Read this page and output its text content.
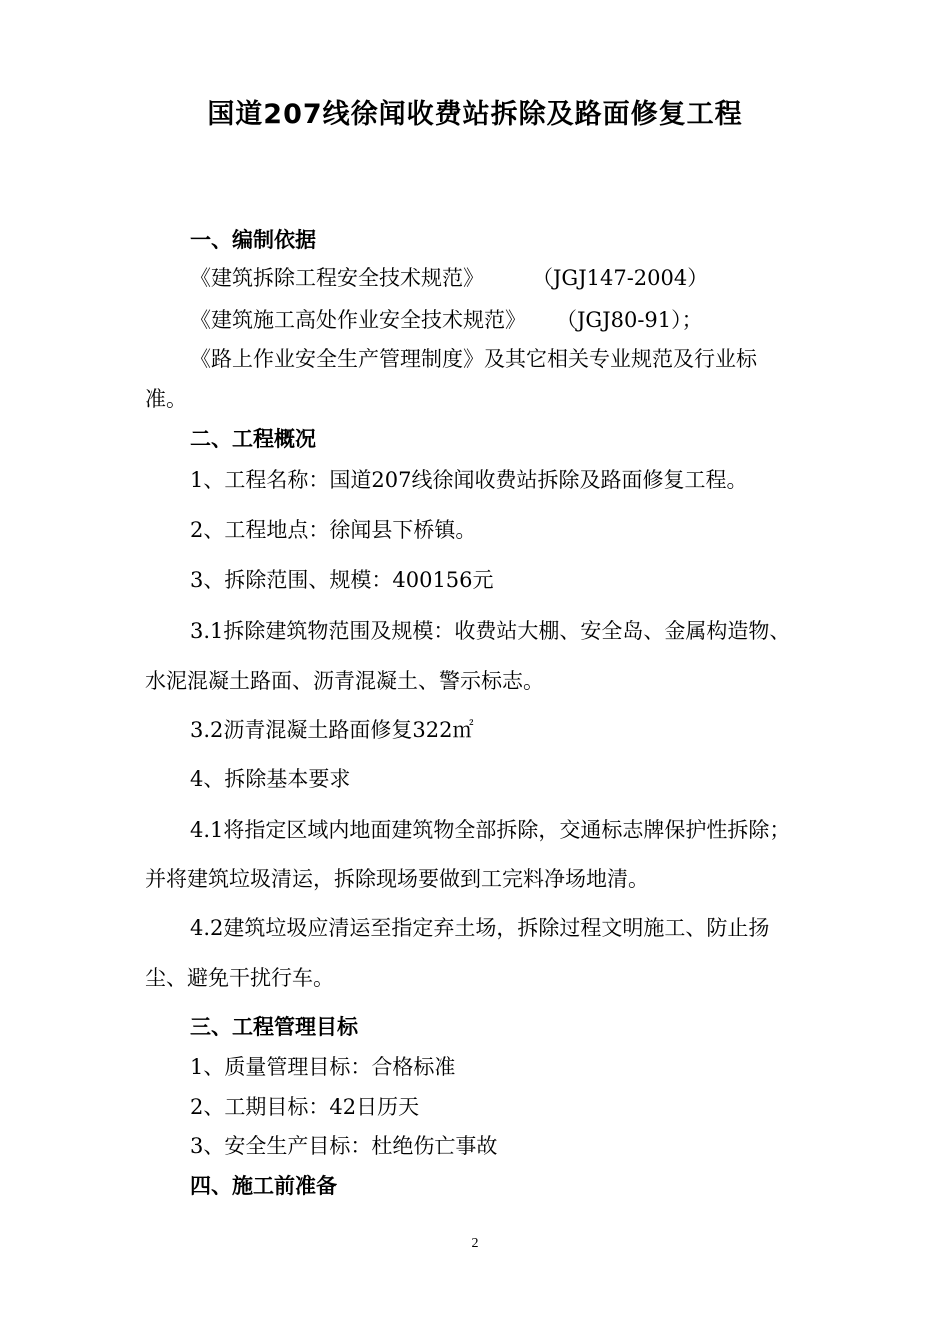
国道207线徐闻收费站拆除及路面修复工程
一、编制依据
《建筑拆除工程安全技术规范》 （JGJ147-2004）
《建筑施工高处作业安全技术规范》 （JGJ80-91）；
《路上作业安全生产管理制度》及其它相关专业规范及行业标
准。
二、工程概况
1、工程名称：国道207线徐闻收费站拆除及路面修复工程。
2、工程地点：徐闻县下桥镇。
3、拆除范围、规模：400156元
3.1拆除建筑物范围及规模：收费站大棚、安全岛、金属构造物、
水泥混凝土路面、沥青混凝土、警示标志。
3.2沥青混凝土路面修复322㎡
4、拆除基本要求
4.1将指定区域内地面建筑物全部拆除，交通标志牌保护性拆除；
并将建筑垃圾清运，拆除现场要做到工完料净场地清。
4.2建筑垃圾应清运至指定弃土场，拆除过程文明施工、防止扬
尘、避免干扰行车。
三、工程管理目标
1、质量管理目标：合格标准
2、工期目标：42日历天
3、安全生产目标：杜绝伤亡事故
四、施工前准备
2
